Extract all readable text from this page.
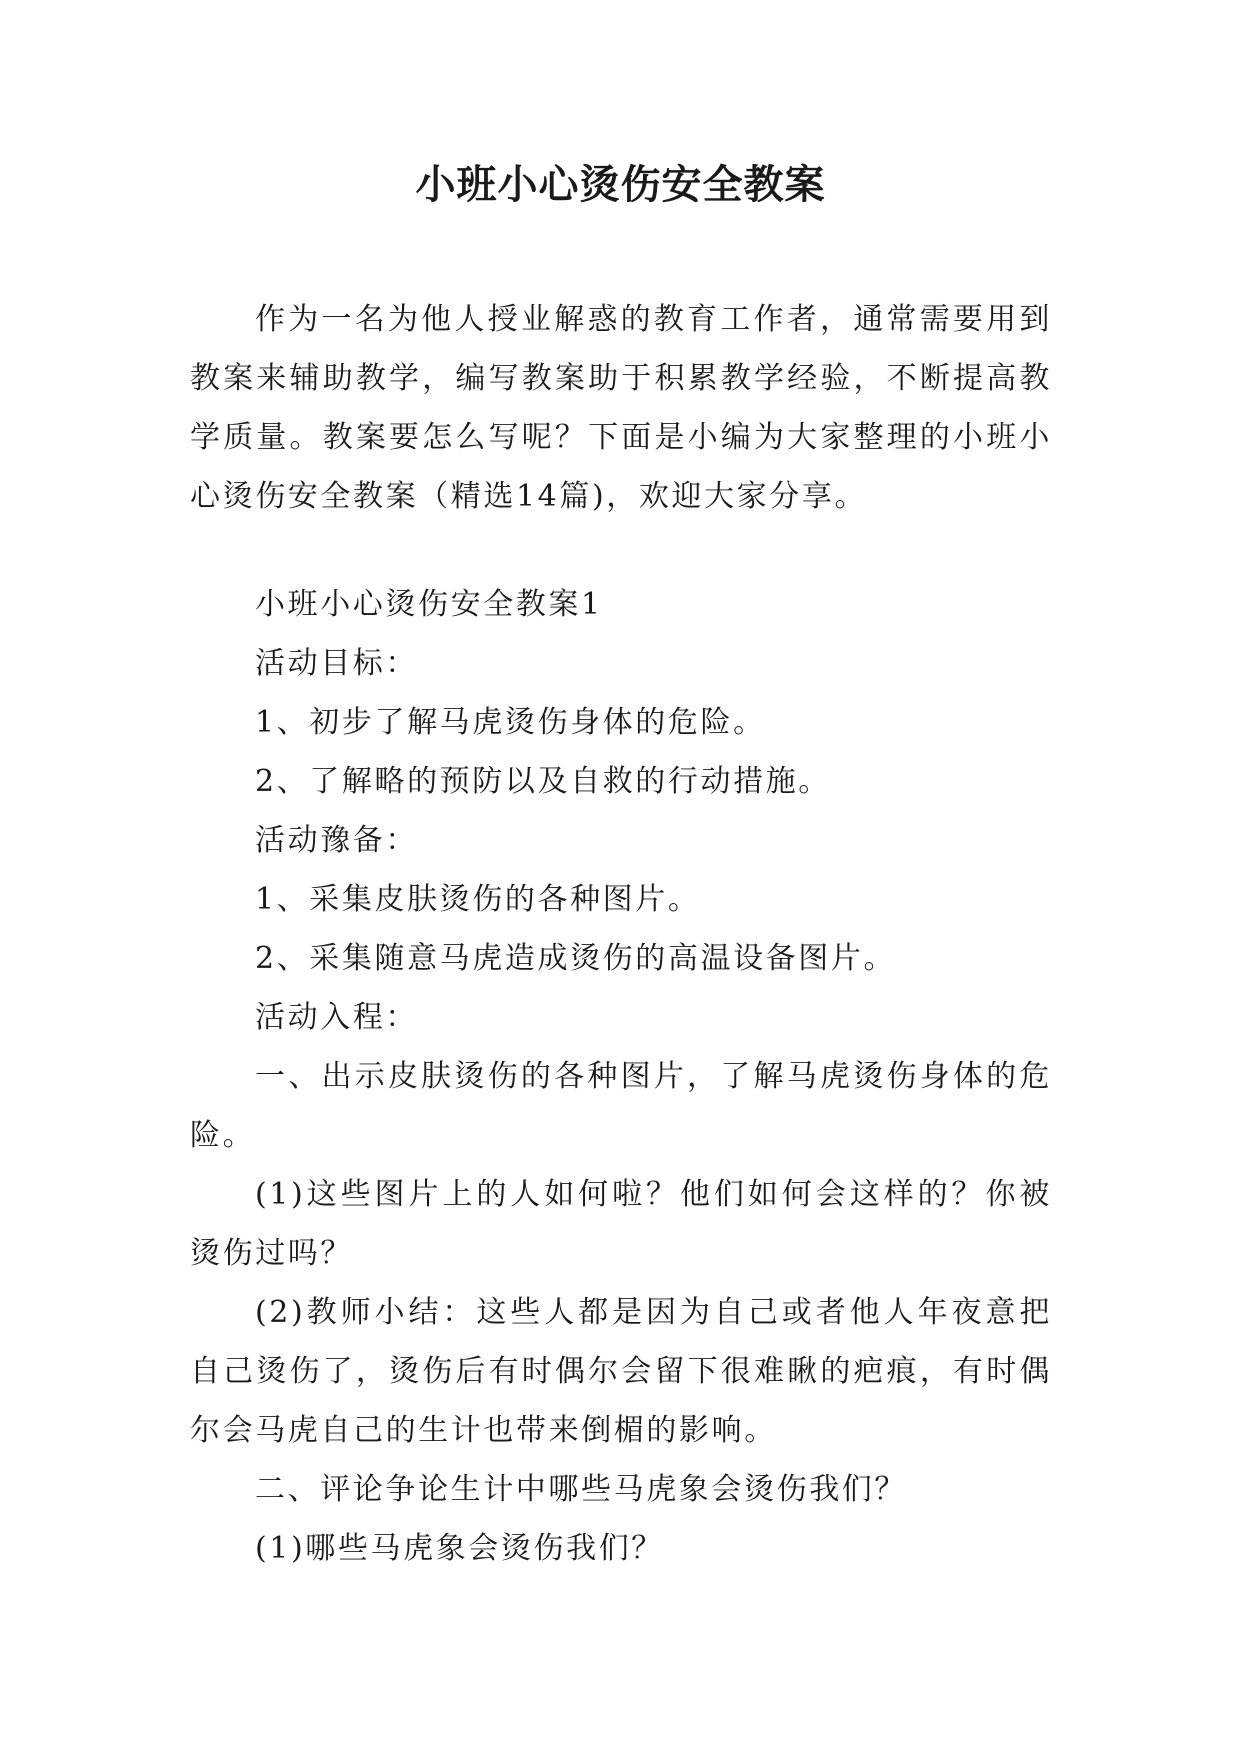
小班小心烫伤安全教案

作为一名为他人授业解惑的教育工作者，通常需要用到教案来辅助教学，编写教案助于积累教学经验，不断提高教学质量。教案要怎么写呢？下面是小编为大家整理的小班小心烫伤安全教案（精选14篇)，欢迎大家分享。

小班小心烫伤安全教案1

活动目标：

1、初步了解马虎烫伤身体的危险。

2、了解略的预防以及自救的行动措施。

活动豫备：

1、采集皮肤烫伤的各种图片。

2、采集随意马虎造成烫伤的高温设备图片。

活动入程：

一、出示皮肤烫伤的各种图片，了解马虎烫伤身体的危险。

(1)这些图片上的人如何啦？他们如何会这样的？你被烫伤过吗？

(2)教师小结：这些人都是因为自己或者他人年夜意把自己烫伤了，烫伤后有时偶尔会留下很难瞅的疤痕，有时偶尔会马虎自己的生计也带来倒楣的影响。

二、评论争论生计中哪些马虎象会烫伤我们？

(1)哪些马虎象会烫伤我们？
